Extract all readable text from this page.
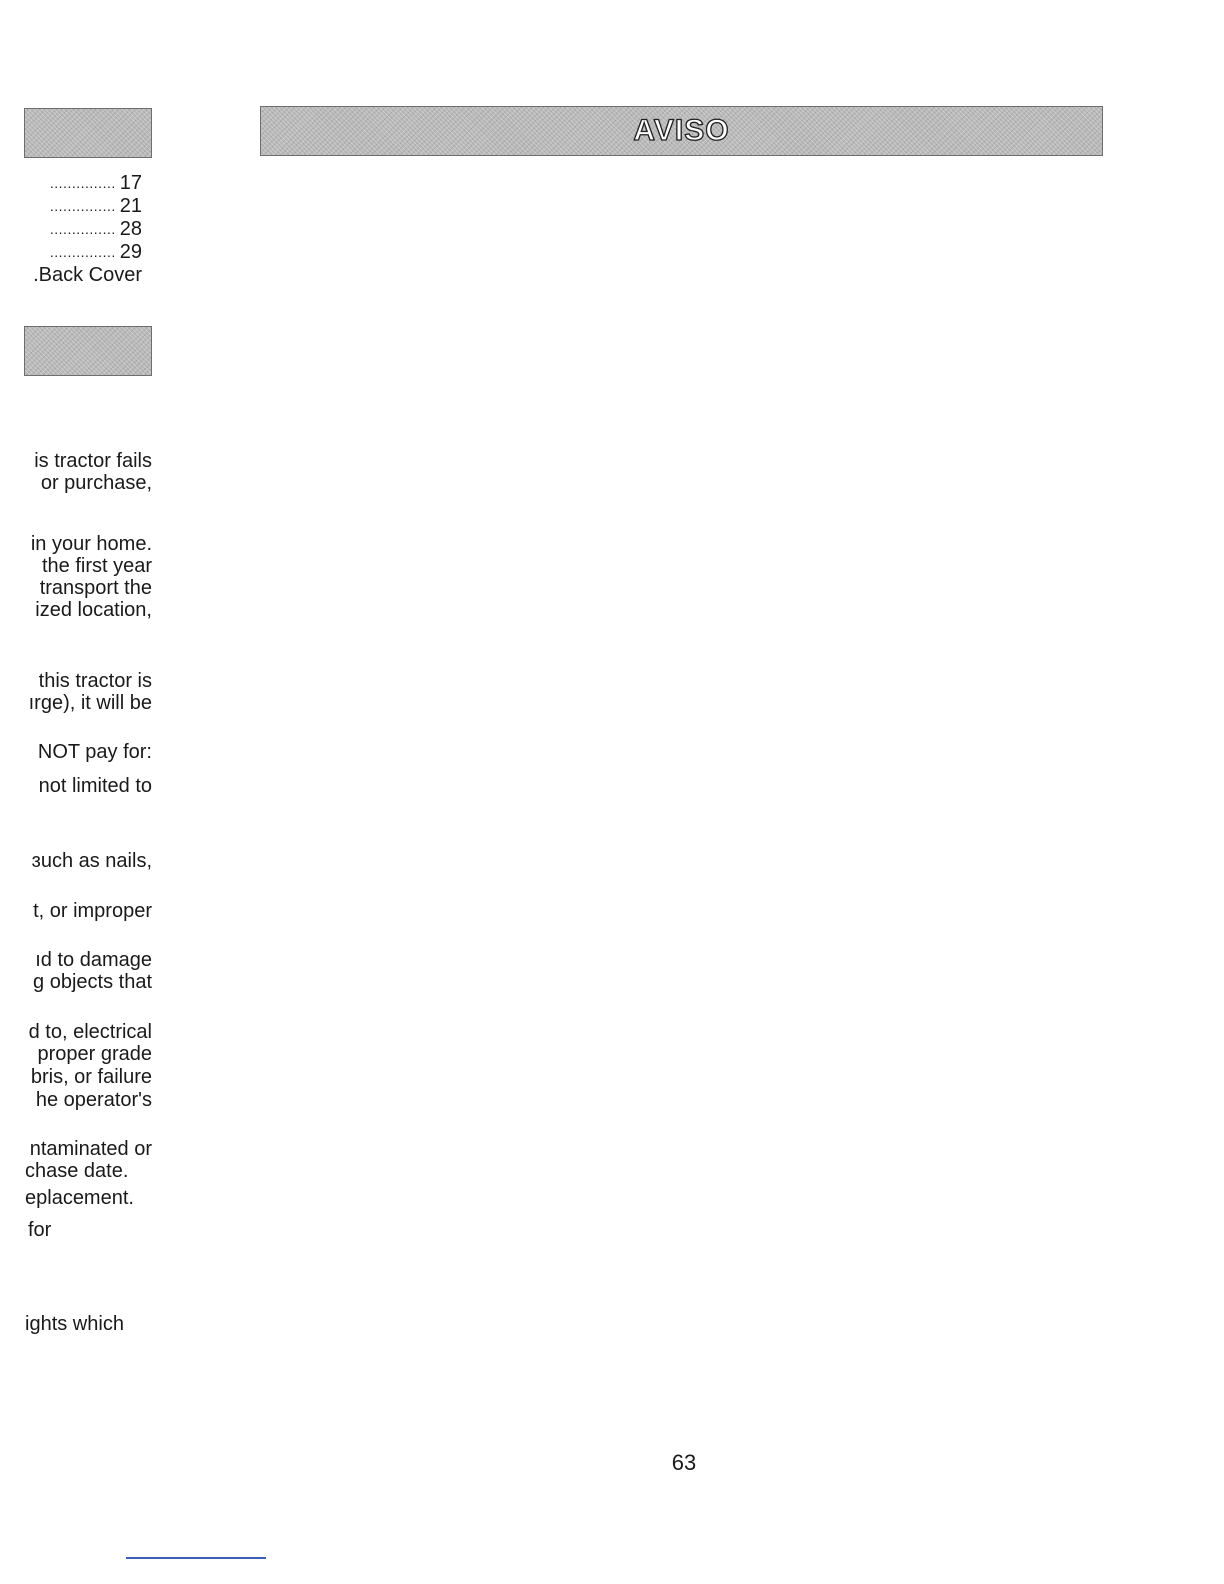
............... 17
............... 21
............... 28
............... 29
.Back Cover
AVISO
is tractor fails
or purchase,
in your home.
the first year
transport the
ized location,
this tractor is
ırge), it will be
NOT pay for:
not limited to
ɜuch as nails,
t, or improper
ıd to damage
g objects that
d to, electrical
proper grade
bris, or failure
he operator's
ntaminated or
chase date.
eplacement.
for
ights which
63
